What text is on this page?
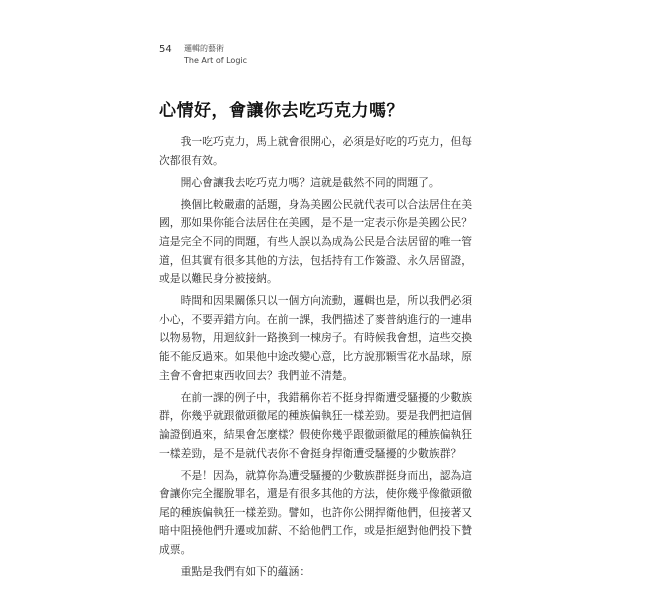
54 邏輯的藝術
The Art of Logic
心情好，會讓你去吃巧克力嗎？

我一吃巧克力，馬上就會很開心，必須是好吃的巧克力，但每
次都很有效。

開心會讓我去吃巧克力嗎？這就是截然不同的問題了。

換個比較嚴肅的話題，身為美國公民就代表可以合法居住在美
國，那如果你能合法居住在美國，是不是一定表示你是美國公民？
這是完全不同的問題，有些人誤以為成為公民是合法居留的唯一管
道，但其實有很多其他的方法，包括持有工作簽證、永久居留證，
或是以難民身分被接納。

時間和因果關係只以一個方向流動，邏輯也是，所以我們必須
小心，不要弄錯方向。在前一課，我們描述了麥普納進行的一連串
以物易物，用迴紋針一路換到一棟房子。有時候我會想，這些交換
能不能反過來。如果他中途改變心意，比方說那顆雪花水晶球，原
主會不會把東西收回去？我們並不清楚。

在前一課的例子中，我錯稱你若不挺身捍衛遭受騷擾的少數族
群，你幾乎就跟徹頭徹尾的種族偏執狂一樣差勁。要是我們把這個
論證倒過來，結果會怎麼樣？假使你幾乎跟徹頭徹尾的種族偏執狂
一樣差勁，是不是就代表你不會挺身捍衛遭受騷擾的少數族群？

不是！因為，就算你為遭受騷擾的少數族群挺身而出，認為這
會讓你完全擺脫罪名，還是有很多其他的方法，使你幾乎像徹頭徹
尾的種族偏執狂一樣差勁。譬如，也許你公開捍衛他們，但接著又
暗中阻撓他們升遷或加薪、不給他們工作，或是拒絕對他們投下贊
成票。

重點是我們有如下的蘊涵：
